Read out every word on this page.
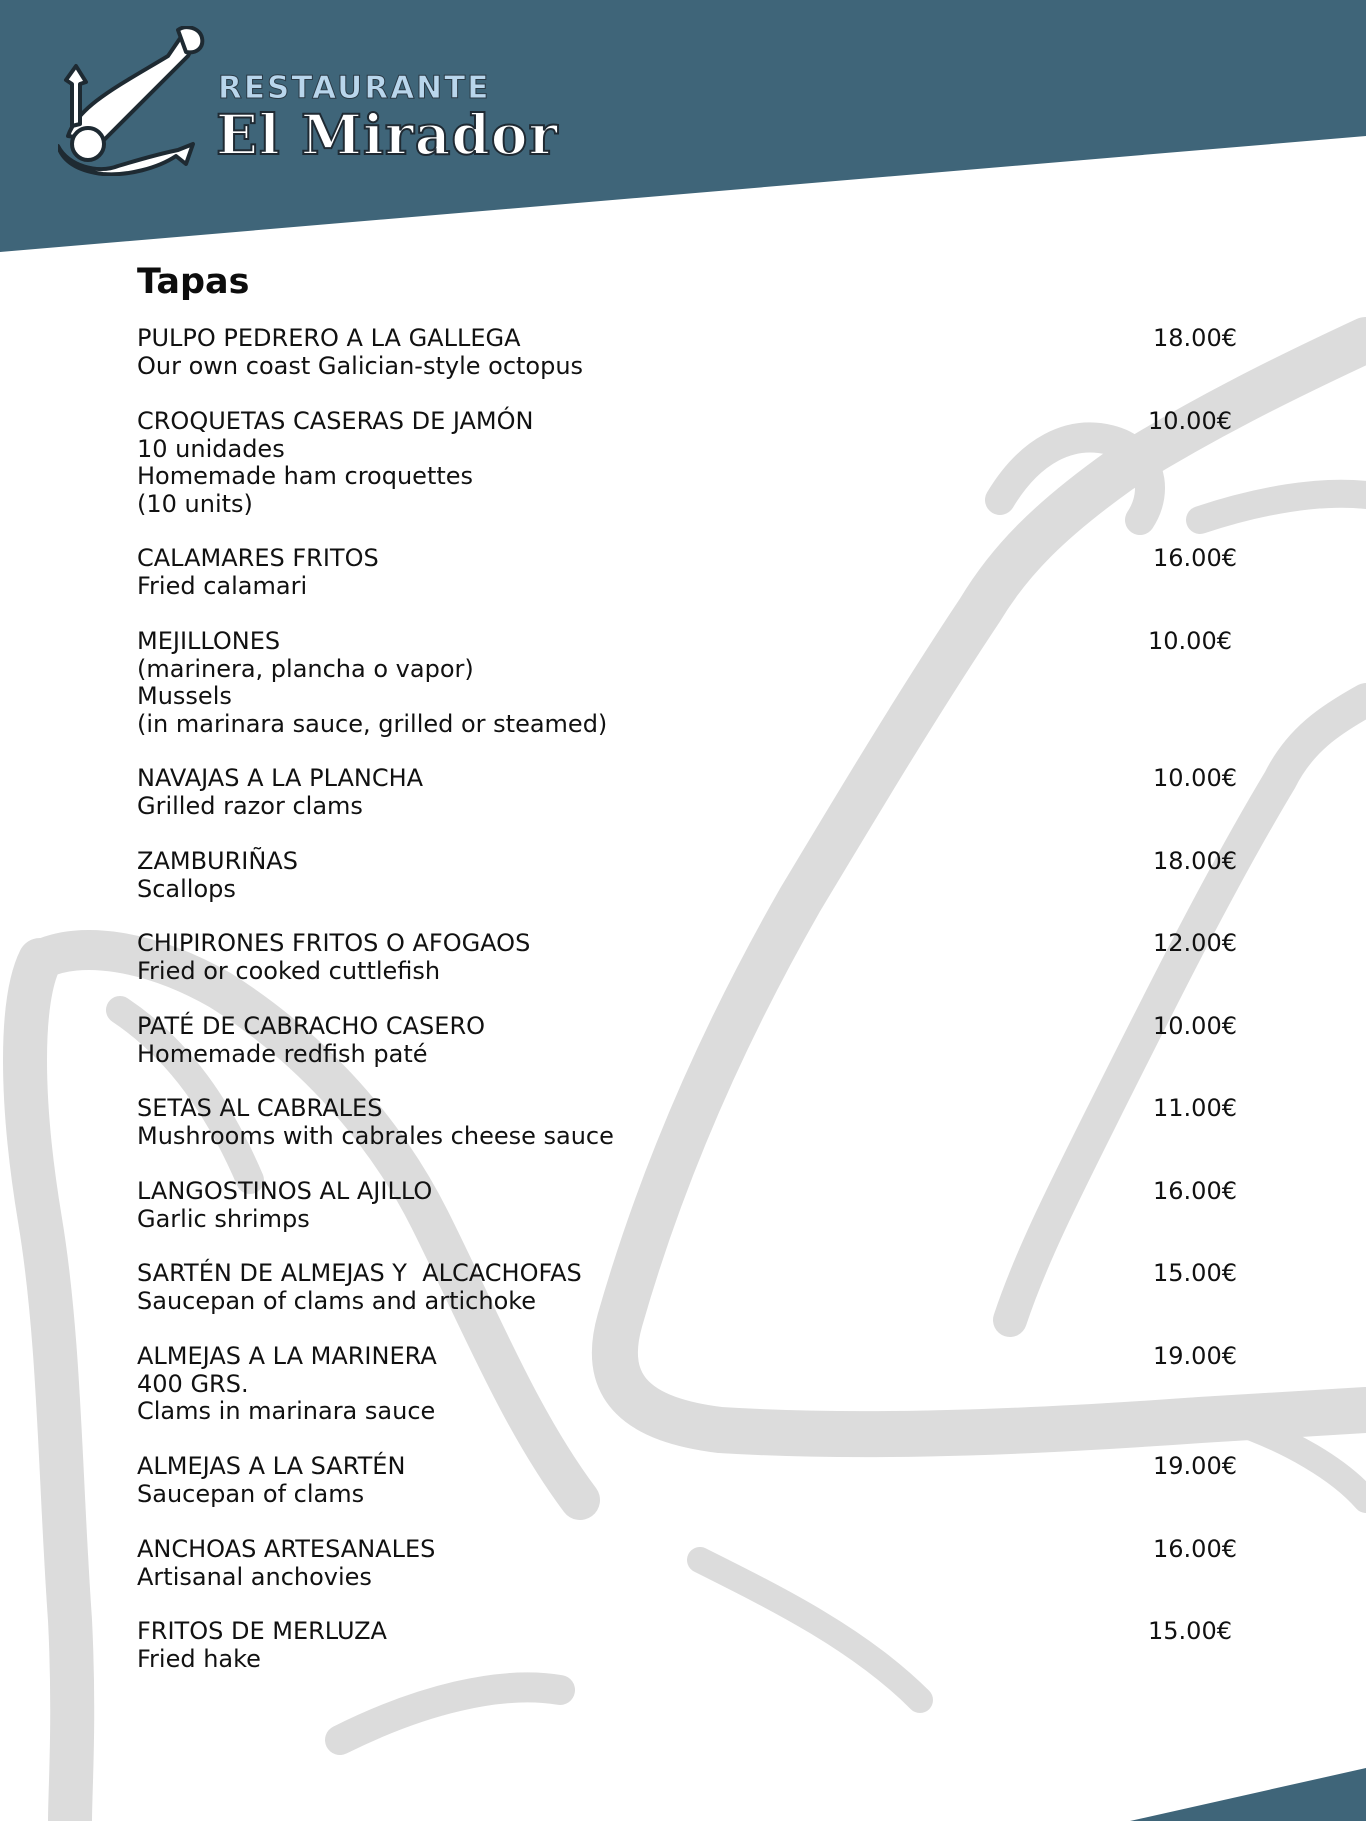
RESTAURANTE
El Mirador
Tapas
PULPO PEDRERO A LA GALLEGA
Our own coast Galician-style octopus
18.00€
CROQUETAS CASERAS DE JAMÓN
10 unidades
Homemade ham croquettes
(10 units)
10.00€
CALAMARES FRITOS
Fried calamari
16.00€
MEJILLONES
(marinera, plancha o vapor)
Mussels
(in marinara sauce, grilled or steamed)
10.00€
NAVAJAS A LA PLANCHA
Grilled razor clams
10.00€
ZAMBURIÑAS
Scallops
18.00€
CHIPIRONES FRITOS O AFOGAOS
Fried or cooked cuttlefish
12.00€
PATÉ DE CABRACHO CASERO
Homemade redfish paté
10.00€
SETAS AL CABRALES
Mushrooms with cabrales cheese sauce
11.00€
LANGOSTINOS AL AJILLO
Garlic shrimps
16.00€
SARTÉN DE ALMEJAS Y  ALCACHOFAS
Saucepan of clams and artichoke
15.00€
ALMEJAS A LA MARINERA
400 GRS.
Clams in marinara sauce
19.00€
ALMEJAS A LA SARTÉN
Saucepan of clams
19.00€
ANCHOAS ARTESANALES
Artisanal anchovies
16.00€
FRITOS DE MERLUZA
Fried hake
15.00€
